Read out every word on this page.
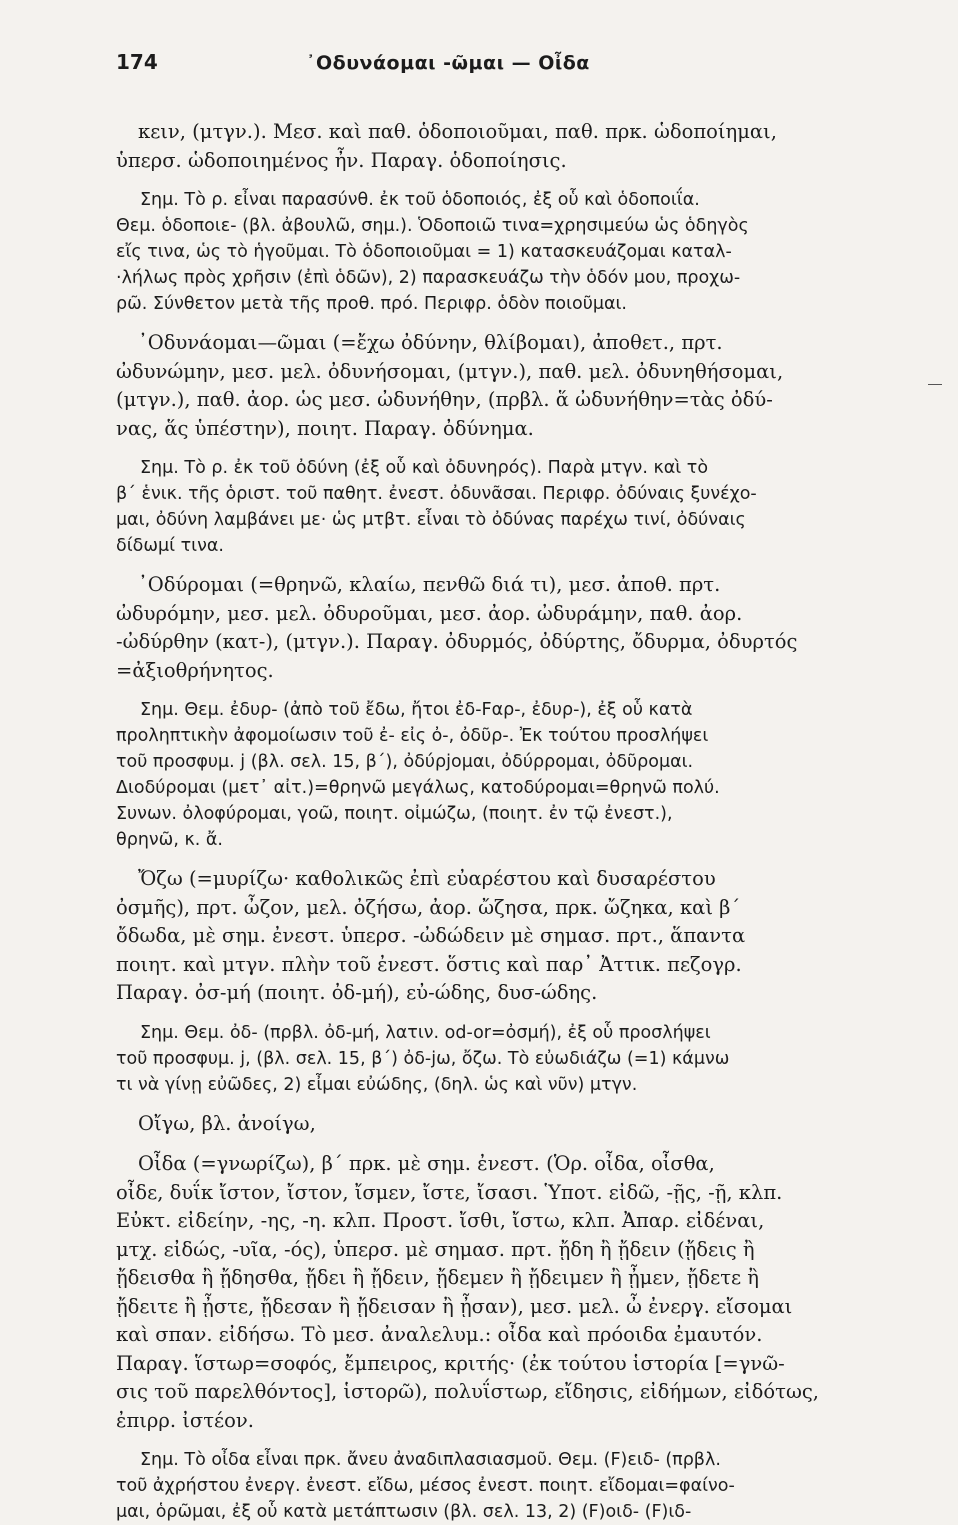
174	᾽Οδυνάομαι -ῶμαι — Οἶδα
κειν, (μτγν.). Μεσ. καὶ παθ. ὁδοποιοῦμαι, παθ. πρκ. ὡδοποίημαι,
ὑπερσ. ὡδοποιημένος ἦν. Παραγ. ὁδοποίησις.
Σημ. Τὸ ρ. εἶναι παρασύνθ. ἐκ τοῦ ὁδοποιός, ἐξ οὗ καὶ ὁδοποιΐα.
Θεμ. ὁδοποιε- (βλ. ἀβουλῶ, σημ.). Ὁδοποιῶ τινα=χρησιμεύω ὡς ὁδηγὸς
εἴς τινα, ὡς τὸ ἡγοῦμαι. Τὸ ὁδοποιοῦμαι = 1) κατασκευάζομαι καταλ-
·λήλως πρὸς χρῆσιν (ἐπὶ ὁδῶν), 2) παρασκευάζω τὴν ὁδόν μου, προχω-
ρῶ. Σύνθετον μετὰ τῆς προθ. πρό. Περιφρ. ὁδὸν ποιοῦμαι.
᾽Οδυνάομαι—ῶμαι (=ἔχω ὀδύνην, θλίβομαι), ἀποθετ., πρτ.
ὠδυνώμην, μεσ. μελ. ὀδυνήσομαι, (μτγν.), παθ. μελ. ὀδυνηθήσομαι,
(μτγν.), παθ. ἀορ. ὡς μεσ. ὠδυνήθην, (πρβλ. ἅ ὠδυνήθην=τὰς ὀδύ-
νας, ἅς ὑπέστην), ποιητ. Παραγ. ὀδύνημα.
Σημ. Τὸ ρ. ἐκ τοῦ ὀδύνη (ἐξ οὗ καὶ ὀδυνηρός). Παρὰ μτγν. καὶ τὸ
β΄ ἑνικ. τῆς ὁριστ. τοῦ παθητ. ἐνεστ. ὀδυνᾶσαι. Περιφρ. ὀδύναις ξυνέχο-
μαι, ὀδύνη λαμβάνει με· ὡς μτβτ. εἶναι τὸ ὀδύνας παρέχω τινί, ὀδύναις
δίδωμί τινα.
᾽Οδύρομαι (=θρηνῶ, κλαίω, πενθῶ διά τι), μεσ. ἀποθ. πρτ.
ὠδυρόμην, μεσ. μελ. ὀδυροῦμαι, μεσ. ἀορ. ὠδυράμην, παθ. ἀορ.
-ὠδύρθην (κατ-), (μτγν.). Παραγ. ὀδυρμός, ὀδύρτης, ὄδυρμα, ὀδυρτός
=ἀξιοθρήνητος.
Σημ. Θεμ. ἐδυρ- (ἀπὸ τοῦ ἔδω, ἤτοι ἐδ-Fαρ-, ἐδυρ-), ἐξ οὗ κατὰ
προληπτικὴν ἀφομοίωσιν τοῦ ἐ- εἰς ὀ-, ὀδῦρ-. Ἐκ τούτου προσλήψει
τοῦ προσφυμ. j (βλ. σελ. 15, β΄), ὀδύρjομαι, ὀδύρρομαι, ὀδῦρομαι.
Διοδύρομαι (μετ᾽ αἰτ.)=θρηνῶ μεγάλως, κατοδύρομαι=θρηνῶ πολύ.
Συνων. ὀλοφύρομαι, γοῶ, ποιητ. οἰμώζω, (ποιητ. ἐν τῷ ἐνεστ.),
θρηνῶ, κ. ἄ.
Ὄζω (=μυρίζω· καθολικῶς ἐπὶ εὐαρέστου καὶ δυσαρέστου
ὀσμῆς), πρτ. ὦζον, μελ. ὀζήσω, ἀορ. ὤζησα, πρκ. ὤζηκα, καὶ β΄
ὄδωδα, μὲ σημ. ἐνεστ. ὑπερσ. -ὠδώδειν μὲ σημασ. πρτ., ἅπαντα
ποιητ. καὶ μτγν. πλὴν τοῦ ἐνεστ. ὅστις καὶ παρ᾽ Ἀττικ. πεζογρ.
Παραγ. ὀσ-μή (ποιητ. ὀδ-μή), εὐ-ώδης, δυσ-ώδης.
Σημ. Θεμ. ὀδ- (πρβλ. ὀδ-μή, λατιν. od-or=ὀσμή), ἐξ οὗ προσλήψει
τοῦ προσφυμ. j, (βλ. σελ. 15, β΄) ὀδ-jω, ὄζω. Τὸ εὐωδιάζω (=1) κάμνω
τι νὰ γίνῃ εὐῶδες, 2) εἶμαι εὐώδης, (δηλ. ὡς καὶ νῦν) μτγν.
Οἴγω, βλ. ἀνοίγω,
Οἶδα (=γνωρίζω), β΄ πρκ. μὲ σημ. ἐνεστ. (Ὁρ. οἶδα, οἶσθα,
οἶδε, δυΐκ ἴστον, ἴστον, ἴσμεν, ἴστε, ἴσασι. Ὑποτ. εἰδῶ, -ῇς, -ῇ, κλπ.
Εὐκτ. εἰδείην, -ης, -η. κλπ. Προστ. ἴσθι, ἴστω, κλπ. Ἀπαρ. εἰδέναι,
μτχ. εἰδώς, -υῖα, -ός), ὑπερσ. μὲ σημασ. πρτ. ᾔδη ἢ ᾔδειν (ᾔδεις ἢ
ᾔδεισθα ἢ ᾔδησθα, ᾔδει ἢ ᾔδειν, ᾔδεμεν ἢ ᾔδειμεν ἢ ᾖμεν, ᾔδετε ἢ
ᾔδειτε ἢ ᾖστε, ᾔδεσαν ἢ ᾔδεισαν ἢ ᾖσαν), μεσ. μελ. ὦ ἐνεργ. εἴσομαι
καὶ σπαν. εἰδήσω. Τὸ μεσ. ἀναλελυμ.: οἶδα καὶ πρόοιδα ἐμαυτόν.
Παραγ. ἵστωρ=σοφός, ἔμπειρος, κριτής· (ἐκ τούτου ἱστορία [=γνῶ-
σις τοῦ παρελθόντος], ἱστορῶ), πολυΐστωρ, εἴδησις, εἰδήμων, εἰδότως,
ἐπιρρ. ἰστέον.
Σημ. Τὸ οἶδα εἶναι πρκ. ἄνευ ἀναδιπλασιασμοῦ. Θεμ. (F)ειδ- (πρβλ.
τοῦ ἀχρήστου ἐνεργ. ἐνεστ. εἴδω, μέσος ἐνεστ. ποιητ. εἴδομαι=φαίνο-
μαι, ὁρῶμαι, ἐξ οὗ κατὰ μετάπτωσιν (βλ. σελ. 13, 2) (F)οιδ- (F)ιδ-
